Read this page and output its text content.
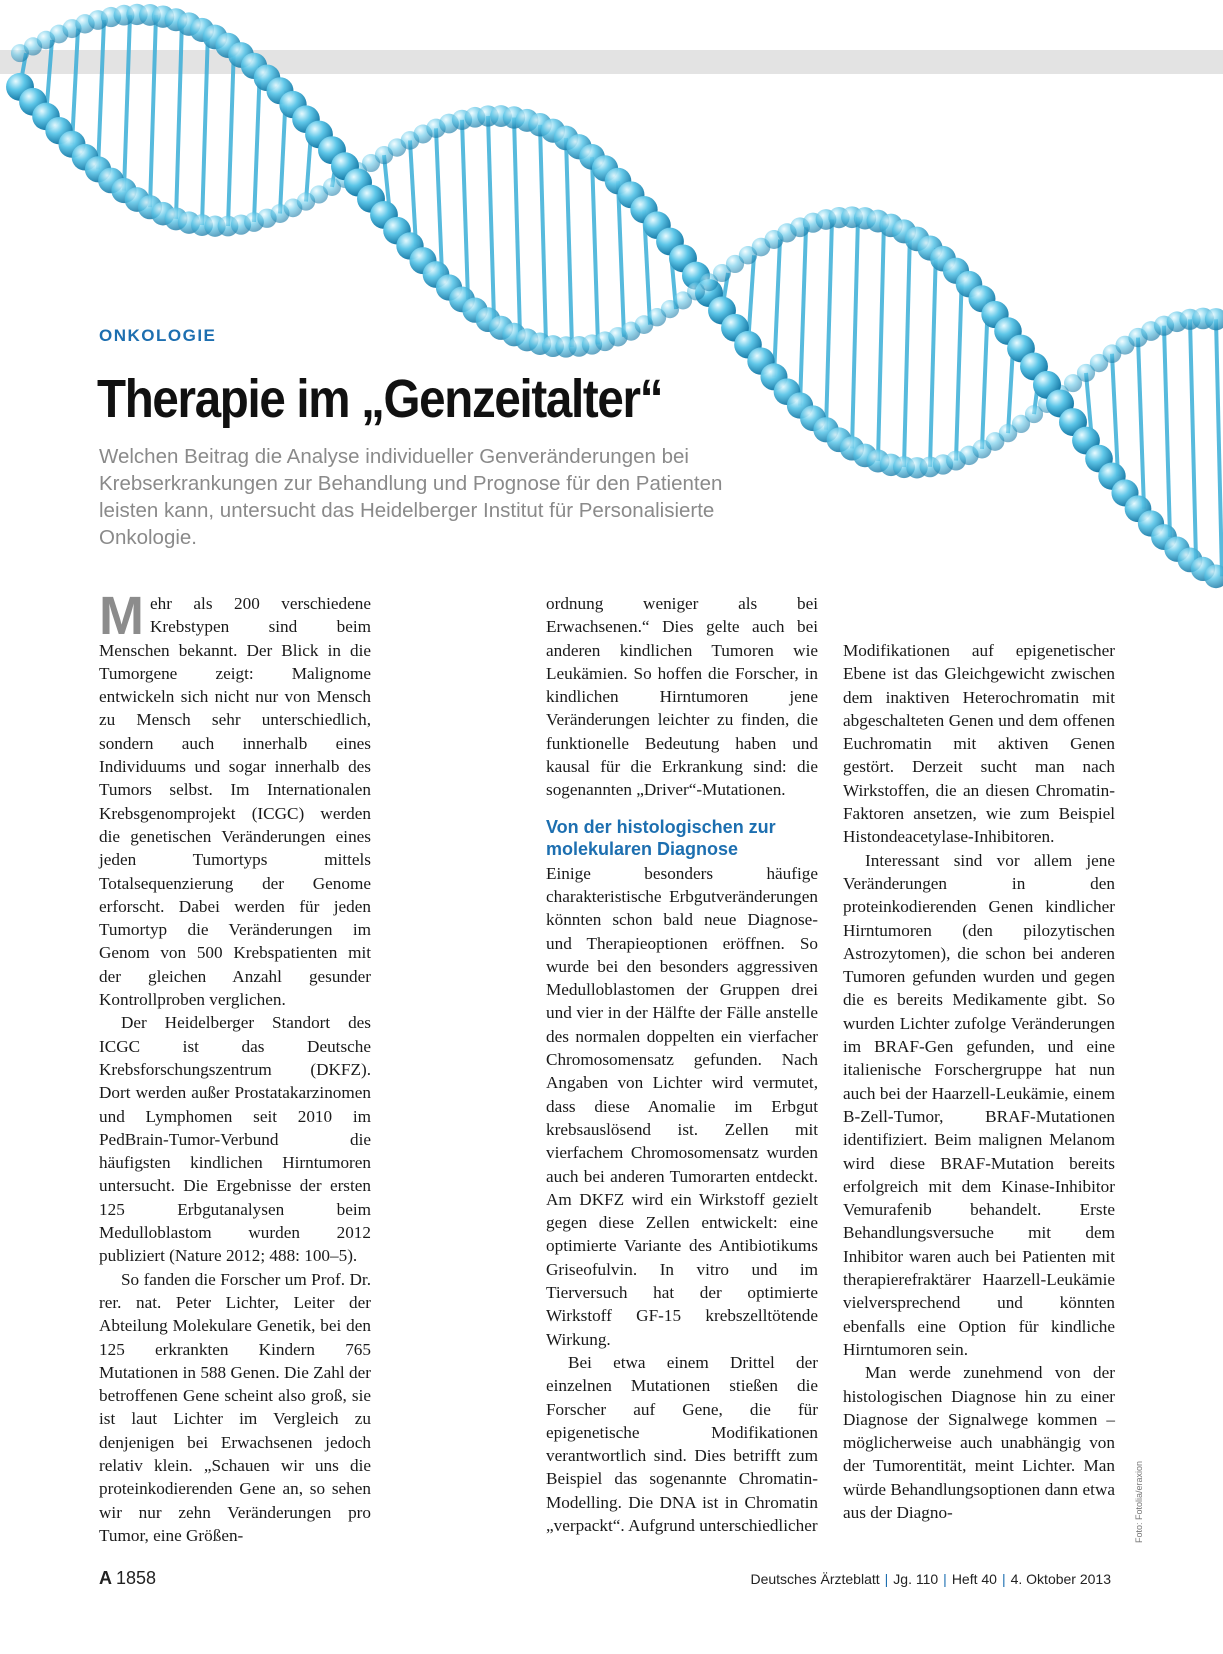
ONKOLOGIE
Therapie im „Genzeitalter“

Welchen Beitrag die Analyse individueller Genveränderungen bei Krebserkrankungen zur Behandlung und Prognose für den Patienten leisten kann, untersucht das Heidelberger Institut für Personalisierte Onkologie.

Mehr als 200 verschiedene Krebstypen sind beim Menschen bekannt. Der Blick in die Tumorgene zeigt: Malignome entwickeln sich nicht nur von Mensch zu Mensch sehr unterschiedlich, sondern auch innerhalb eines Individuums und sogar innerhalb des Tumors selbst. Im Internationalen Krebsgenomprojekt (ICGC) werden die genetischen Veränderungen eines jeden Tumortyps mittels Totalsequenzierung der Genome erforscht. Dabei werden für jeden Tumortyp die Veränderungen im Genom von 500 Krebspatienten mit der gleichen Anzahl gesunder Kontrollproben verglichen.

Der Heidelberger Standort des ICGC ist das Deutsche Krebsforschungszentrum (DKFZ). Dort werden außer Prostatakarzinomen und Lymphomen seit 2010 im PedBrain-Tumor-Verbund die häufigsten kindlichen Hirntumoren untersucht. Die Ergebnisse der ersten 125 Erbgutanalysen beim Medulloblastom wurden 2012 publiziert (Nature 2012; 488: 100–5).

So fanden die Forscher um Prof. Dr. rer. nat. Peter Lichter, Leiter der Abteilung Molekulare Genetik, bei den 125 erkrankten Kindern 765 Mutationen in 588 Genen. Die Zahl der betroffenen Gene scheint also groß, sie ist laut Lichter im Vergleich zu denjenigen bei Erwachsenen jedoch relativ klein. „Schauen wir uns die proteinkodierenden Gene an, so sehen wir nur zehn Veränderungen pro Tumor, eine Größen-

ordnung weniger als bei Erwachsenen.“ Dies gelte auch bei anderen kindlichen Tumoren wie Leukämien. So hoffen die Forscher, in kindlichen Hirntumoren jene Veränderungen leichter zu finden, die funktionelle Bedeutung haben und kausal für die Erkrankung sind: die sogenannten „Driver“-Mutationen.

Von der histologischen zur molekularen Diagnose

Einige besonders häufige charakteristische Erbgutveränderungen könnten schon bald neue Diagnose- und Therapieoptionen eröffnen. So wurde bei den besonders aggressiven Medulloblastomen der Gruppen drei und vier in der Hälfte der Fälle anstelle des normalen doppelten ein vierfacher Chromosomensatz gefunden. Nach Angaben von Lichter wird vermutet, dass diese Anomalie im Erbgut krebsauslösend ist. Zellen mit vierfachem Chromosomensatz wurden auch bei anderen Tumorarten entdeckt. Am DKFZ wird ein Wirkstoff gezielt gegen diese Zellen entwickelt: eine optimierte Variante des Antibiotikums Griseofulvin. In vitro und im Tierversuch hat der optimierte Wirkstoff GF-15 krebszelltötende Wirkung.

Bei etwa einem Drittel der einzelnen Mutationen stießen die Forscher auf Gene, die für epigenetische Modifikationen verantwortlich sind. Dies betrifft zum Beispiel das sogenannte Chromatin-Modelling. Die DNA ist in Chromatin „verpackt“. Aufgrund unterschiedlicher

Modifikationen auf epigenetischer Ebene ist das Gleichgewicht zwischen dem inaktiven Heterochromatin mit abgeschalteten Genen und dem offenen Euchromatin mit aktiven Genen gestört. Derzeit sucht man nach Wirkstoffen, die an diesen Chromatin-Faktoren ansetzen, wie zum Beispiel Histondeacetylase-Inhibitoren.

Interessant sind vor allem jene Veränderungen in den proteinkodierenden Genen kindlicher Hirntumoren (den pilozytischen Astrozytomen), die schon bei anderen Tumoren gefunden wurden und gegen die es bereits Medikamente gibt. So wurden Lichter zufolge Veränderungen im BRAF-Gen gefunden, und eine italienische Forschergruppe hat nun auch bei der Haarzell-Leukämie, einem B-Zell-Tumor, BRAF-Mutationen identifiziert. Beim malignen Melanom wird diese BRAF-Mutation bereits erfolgreich mit dem Kinase-Inhibitor Vemurafenib behandelt. Erste Behandlungsversuche mit dem Inhibitor waren auch bei Patienten mit therapierefraktärer Haarzell-Leukämie vielversprechend und könnten ebenfalls eine Option für kindliche Hirntumoren sein.

Man werde zunehmend von der histologischen Diagnose hin zu einer Diagnose der Signalwege kommen – möglicherweise auch unabhängig von der Tumorentität, meint Lichter. Man würde Behandlungsoptionen dann etwa aus der Diagno-	Foto: Fotolia/eraxion
A 1858	Deutsches Ärzteblatt | Jg. 110 | Heft 40 | 4. Oktober 2013
